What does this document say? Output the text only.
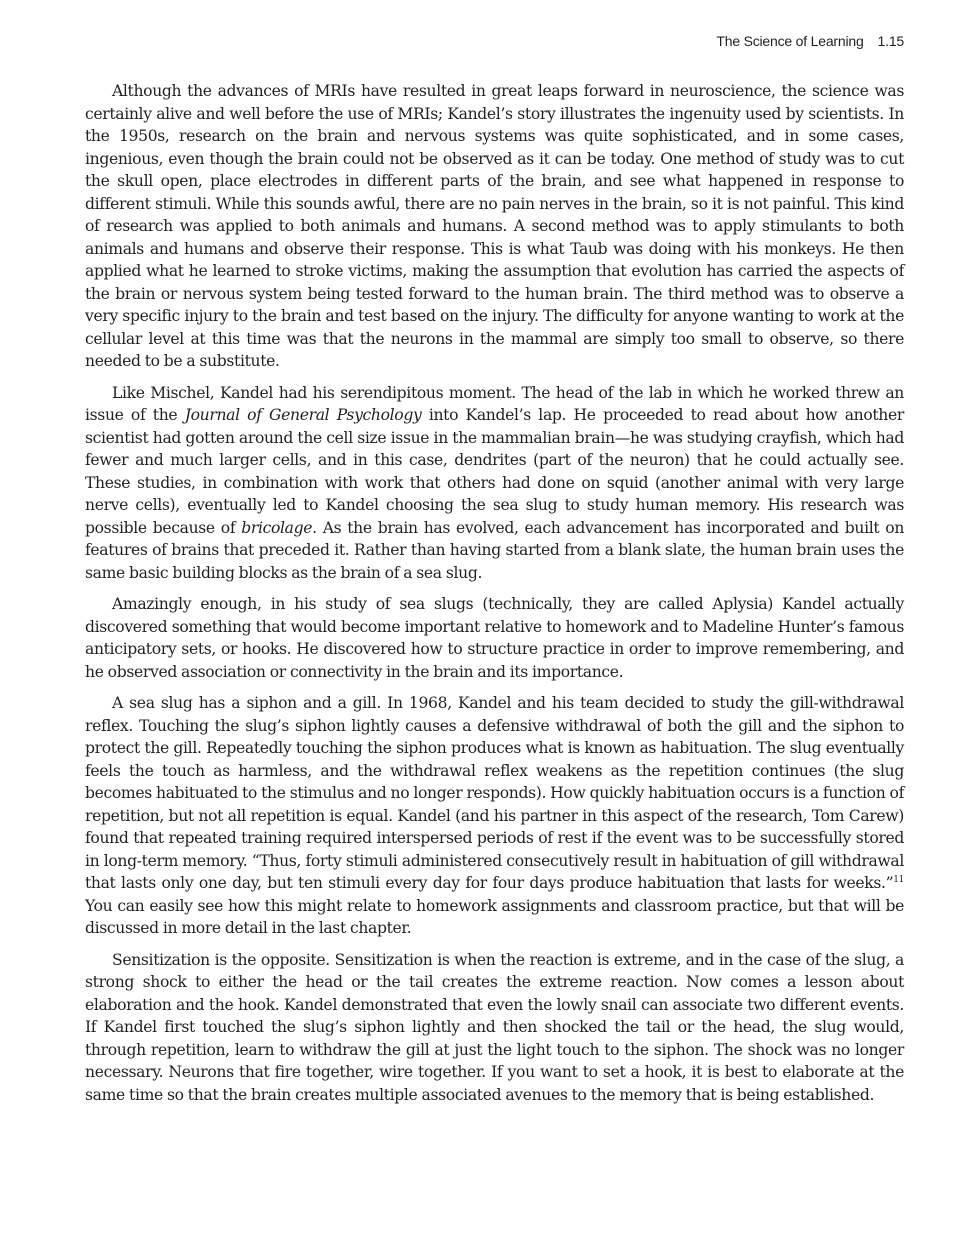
The Science of Learning 1.15

Although the advances of MRIs have resulted in great leaps forward in neuroscience, the science was certainly alive and well before the use of MRIs; Kandel’s story illustrates the ingenuity used by scientists. In the 1950s, research on the brain and nervous systems was quite sophisticated, and in some cases, ingenious, even though the brain could not be observed as it can be today. One method of study was to cut the skull open, place electrodes in different parts of the brain, and see what happened in response to different stimuli. While this sounds awful, there are no pain nerves in the brain, so it is not painful. This kind of research was applied to both animals and humans. A second method was to apply stimulants to both animals and humans and observe their response. This is what Taub was doing with his monkeys. He then applied what he learned to stroke victims, making the assumption that evolution has carried the aspects of the brain or nervous system being tested forward to the human brain. The third method was to observe a very specific injury to the brain and test based on the injury. The difficulty for anyone wanting to work at the cellular level at this time was that the neurons in the mammal are simply too small to observe, so there needed to be a substitute.

Like Mischel, Kandel had his serendipitous moment. The head of the lab in which he worked threw an issue of the Journal of General Psychology into Kandel’s lap. He proceeded to read about how another scientist had gotten around the cell size issue in the mammalian brain—he was studying crayfish, which had fewer and much larger cells, and in this case, dendrites (part of the neuron) that he could actually see. These studies, in combination with work that others had done on squid (another animal with very large nerve cells), eventually led to Kandel choosing the sea slug to study human memory. His research was possible because of bricolage. As the brain has evolved, each advancement has incorporated and built on features of brains that preceded it. Rather than having started from a blank slate, the human brain uses the same basic building blocks as the brain of a sea slug.

Amazingly enough, in his study of sea slugs (technically, they are called Aplysia) Kandel actually discovered something that would become important relative to homework and to Madeline Hunter’s famous anticipatory sets, or hooks. He discovered how to structure practice in order to improve remembering, and he observed association or connectivity in the brain and its importance.

A sea slug has a siphon and a gill. In 1968, Kandel and his team decided to study the gill-withdrawal reflex. Touching the slug’s siphon lightly causes a defensive withdrawal of both the gill and the siphon to protect the gill. Repeatedly touching the siphon produces what is known as habituation. The slug eventually feels the touch as harmless, and the withdrawal reflex weakens as the repetition continues (the slug becomes habituated to the stimulus and no longer responds). How quickly habituation occurs is a function of repetition, but not all repetition is equal. Kandel (and his partner in this aspect of the research, Tom Carew) found that repeated training required interspersed periods of rest if the event was to be successfully stored in long-term memory. “Thus, forty stimuli administered consecutively result in habituation of gill withdrawal that lasts only one day, but ten stimuli every day for four days produce habituation that lasts for weeks.”$^{11}$ You can easily see how this might relate to homework assignments and classroom practice, but that will be discussed in more detail in the last chapter.

Sensitization is the opposite. Sensitization is when the reaction is extreme, and in the case of the slug, a strong shock to either the head or the tail creates the extreme reaction. Now comes a lesson about elaboration and the hook. Kandel demonstrated that even the lowly snail can associate two different events. If Kandel first touched the slug’s siphon lightly and then shocked the tail or the head, the slug would, through repetition, learn to withdraw the gill at just the light touch to the siphon. The shock was no longer necessary. Neurons that fire together, wire together. If you want to set a hook, it is best to elaborate at the same time so that the brain creates multiple associated avenues to the memory that is being established.
